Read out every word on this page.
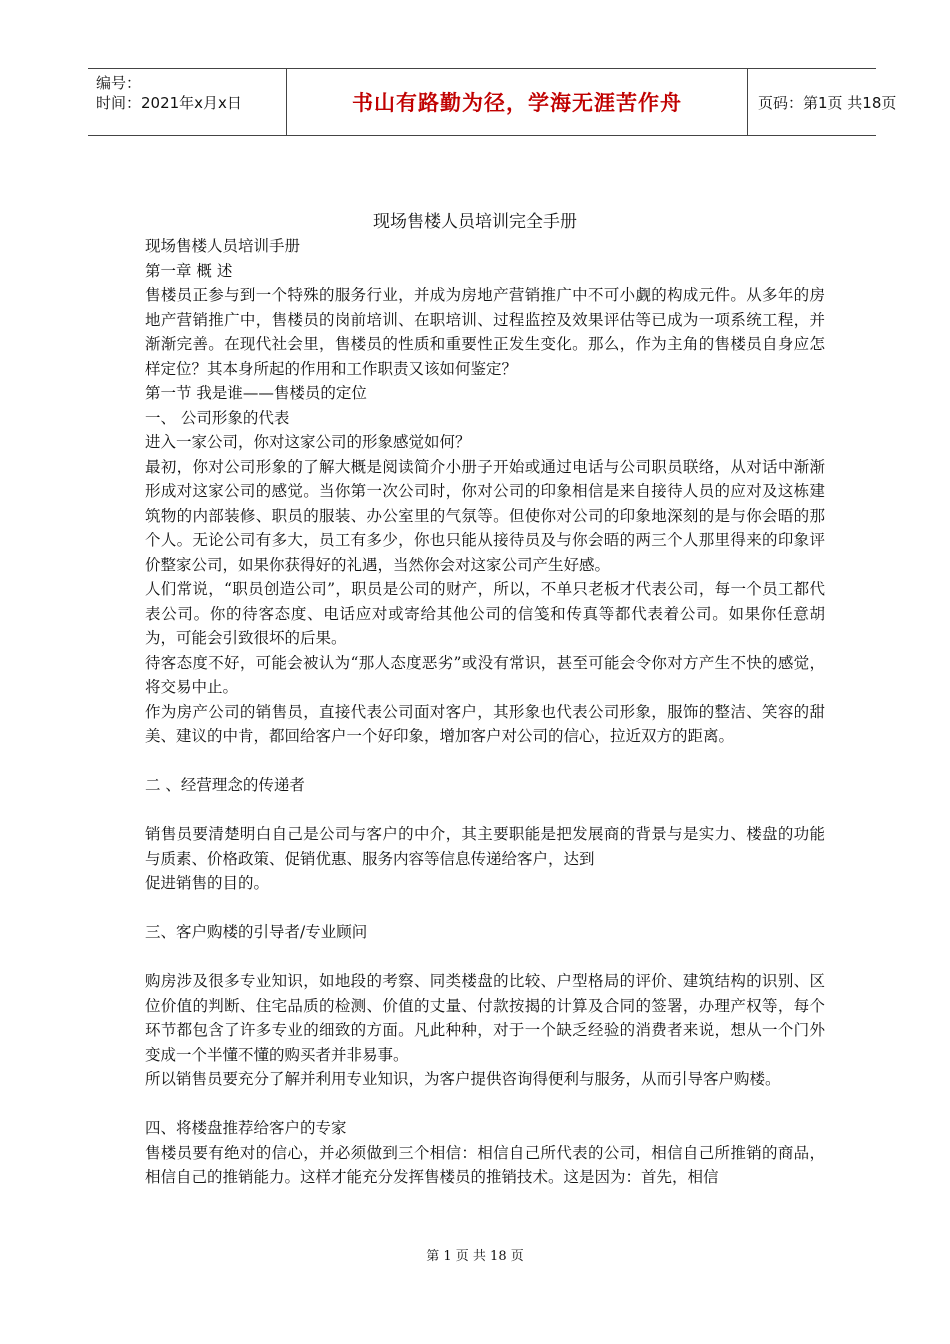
编号：
时间：2021年x月x日	书山有路勤为径，学海无涯苦作舟	页码：第1页 共18页
现场售楼人员培训完全手册

现场售楼人员培训手册

第一章 概 述

售楼员正参与到一个特殊的服务行业，并成为房地产营销推广中不可小觑的构成元件。从多年的房地产营销推广中，售楼员的岗前培训、在职培训、过程监控及效果评估等已成为一项系统工程，并渐渐完善。在现代社会里，售楼员的性质和重要性正发生变化。那么，作为主角的售楼员自身应怎样定位？其本身所起的作用和工作职责又该如何鉴定？

第一节 我是谁——售楼员的定位

一、 公司形象的代表

进入一家公司，你对这家公司的形象感觉如何？

最初，你对公司形象的了解大概是阅读简介小册子开始或通过电话与公司职员联络，从对话中渐渐形成对这家公司的感觉。当你第一次公司时，你对公司的印象相信是来自接待人员的应对及这栋建筑物的内部装修、职员的服装、办公室里的气氛等。但使你对公司的印象地深刻的是与你会晤的那个人。无论公司有多大，员工有多少，你也只能从接待员及与你会晤的两三个人那里得来的印象评价整家公司，如果你获得好的礼遇，当然你会对这家公司产生好感。

人们常说，“职员创造公司”，职员是公司的财产，所以，不单只老板才代表公司，每一个员工都代表公司。你的待客态度、电话应对或寄给其他公司的信笺和传真等都代表着公司。如果你任意胡为，可能会引致很坏的后果。

待客态度不好，可能会被认为“那人态度恶劣”或没有常识，甚至可能会令你对方产生不快的感觉，将交易中止。

作为房产公司的销售员，直接代表公司面对客户，其形象也代表公司形象，服饰的整洁、笑容的甜美、建议的中肯，都回给客户一个好印象，增加客户对公司的信心，拉近双方的距离。

二 、经营理念的传递者

销售员要清楚明白自己是公司与客户的中介，其主要职能是把发展商的背景与是实力、楼盘的功能与质素、价格政策、促销优惠、服务内容等信息传递给客户，达到

促进销售的目的。

三、客户购楼的引导者/专业顾问

购房涉及很多专业知识，如地段的考察、同类楼盘的比较、户型格局的评价、建筑结构的识别、区位价值的判断、住宅品质的检测、价值的丈量、付款按揭的计算及合同的签署，办理产权等，每个环节都包含了许多专业的细致的方面。凡此种种，对于一个缺乏经验的消费者来说，想从一个门外变成一个半懂不懂的购买者并非易事。

所以销售员要充分了解并利用专业知识，为客户提供咨询得便利与服务，从而引导客户购楼。

四、将楼盘推荐给客户的专家

售楼员要有绝对的信心，并必须做到三个相信：相信自己所代表的公司，相信自己所推销的商品，相信自己的推销能力。这样才能充分发挥售楼员的推销技术。这是因为：首先，相信

第 1 页 共 18 页
